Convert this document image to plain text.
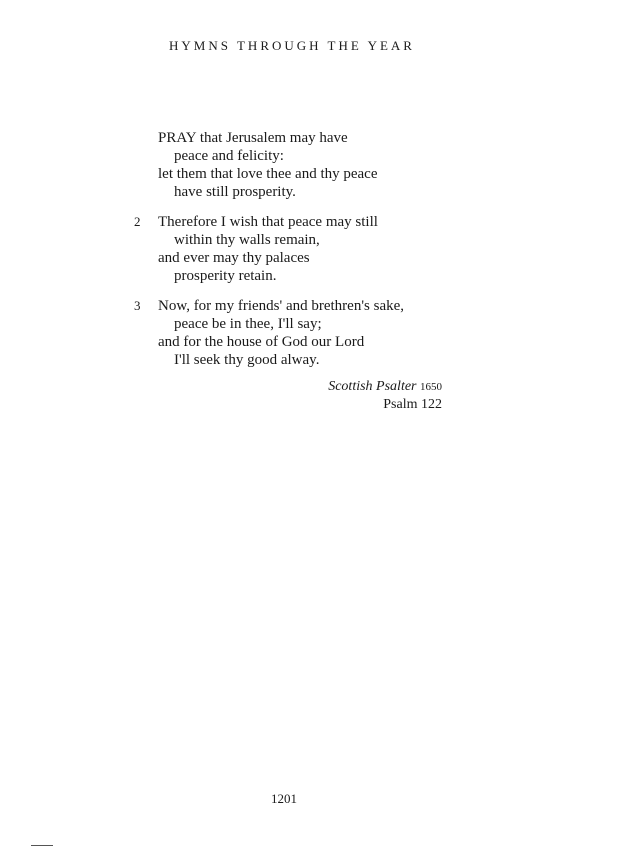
HYMNS THROUGH THE YEAR
PRAY that Jerusalem may have
peace and felicity:
let them that love thee and thy peace
have still prosperity.
2 Therefore I wish that peace may still
within thy walls remain,
and ever may thy palaces
prosperity retain.
3 Now, for my friends' and brethren's sake,
peace be in thee, I'll say;
and for the house of God our Lord
I'll seek thy good alway.
Scottish Psalter 1650
Psalm 122
1201
